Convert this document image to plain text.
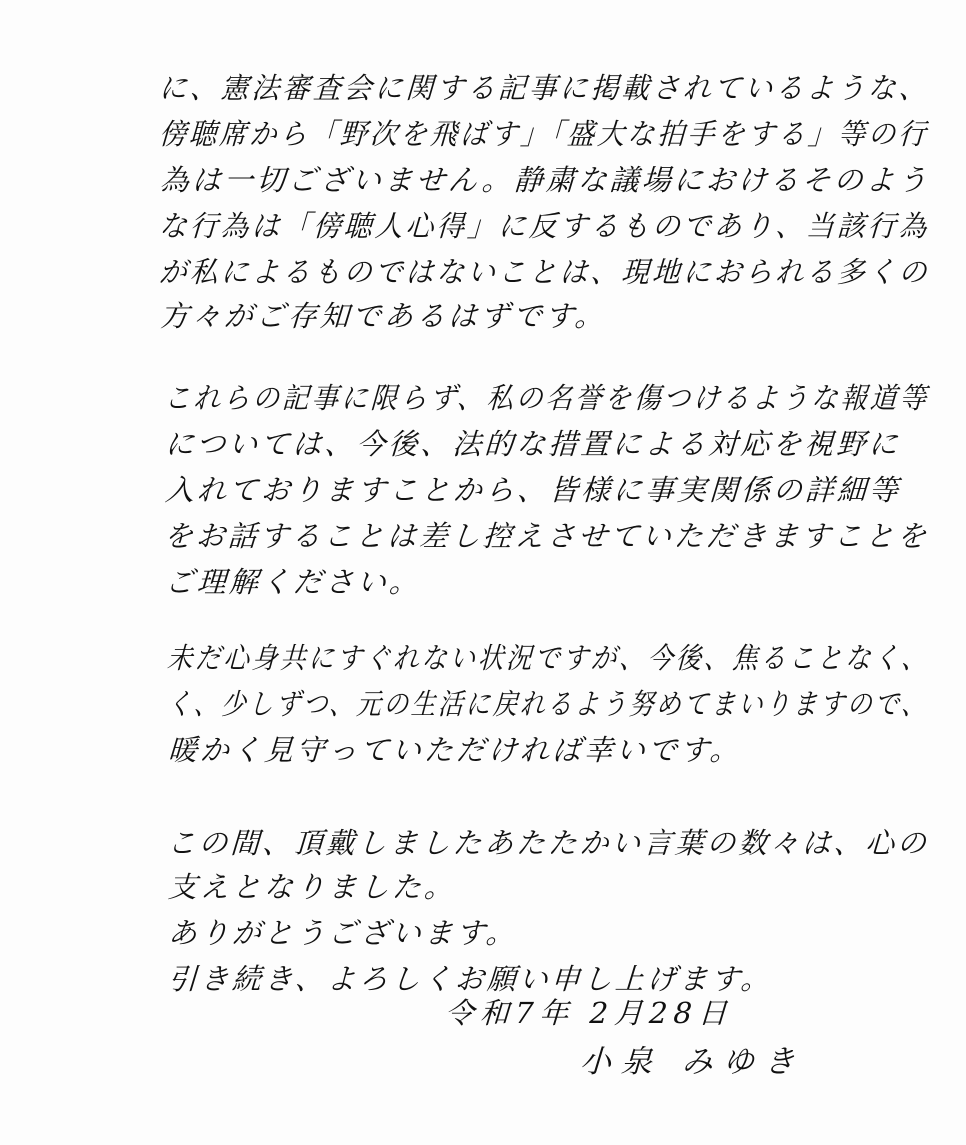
に、憲法審査会に関する記事に掲載されているような、
傍聴席から「野次を飛ばす」「盛大な拍手をする」等の行
為は一切ございません。静粛な議場におけるそのよう
な行為は「傍聴人心得」に反するものであり、当該行為
が私によるものではないことは、現地におられる多くの
方々がご存知であるはずです。
これらの記事に限らず、私の名誉を傷つけるような報道等
については、今後、法的な措置による対応を視野に
入れておりますことから、皆様に事実関係の詳細等
をお話することは差し控えさせていただきますことを
ご理解ください。
未だ心身共にすぐれない状況ですが、今後、焦ることなく、
く、少しずつ、元の生活に戻れるよう努めてまいりますので、
暖かく見守っていただければ幸いです。
この間、頂戴しましたあたたかい言葉の数々は、心の
支えとなりました。
ありがとうございます。
引き続き、よろしくお願い申し上げます。
令和7年 2月28日
小泉 みゆき
